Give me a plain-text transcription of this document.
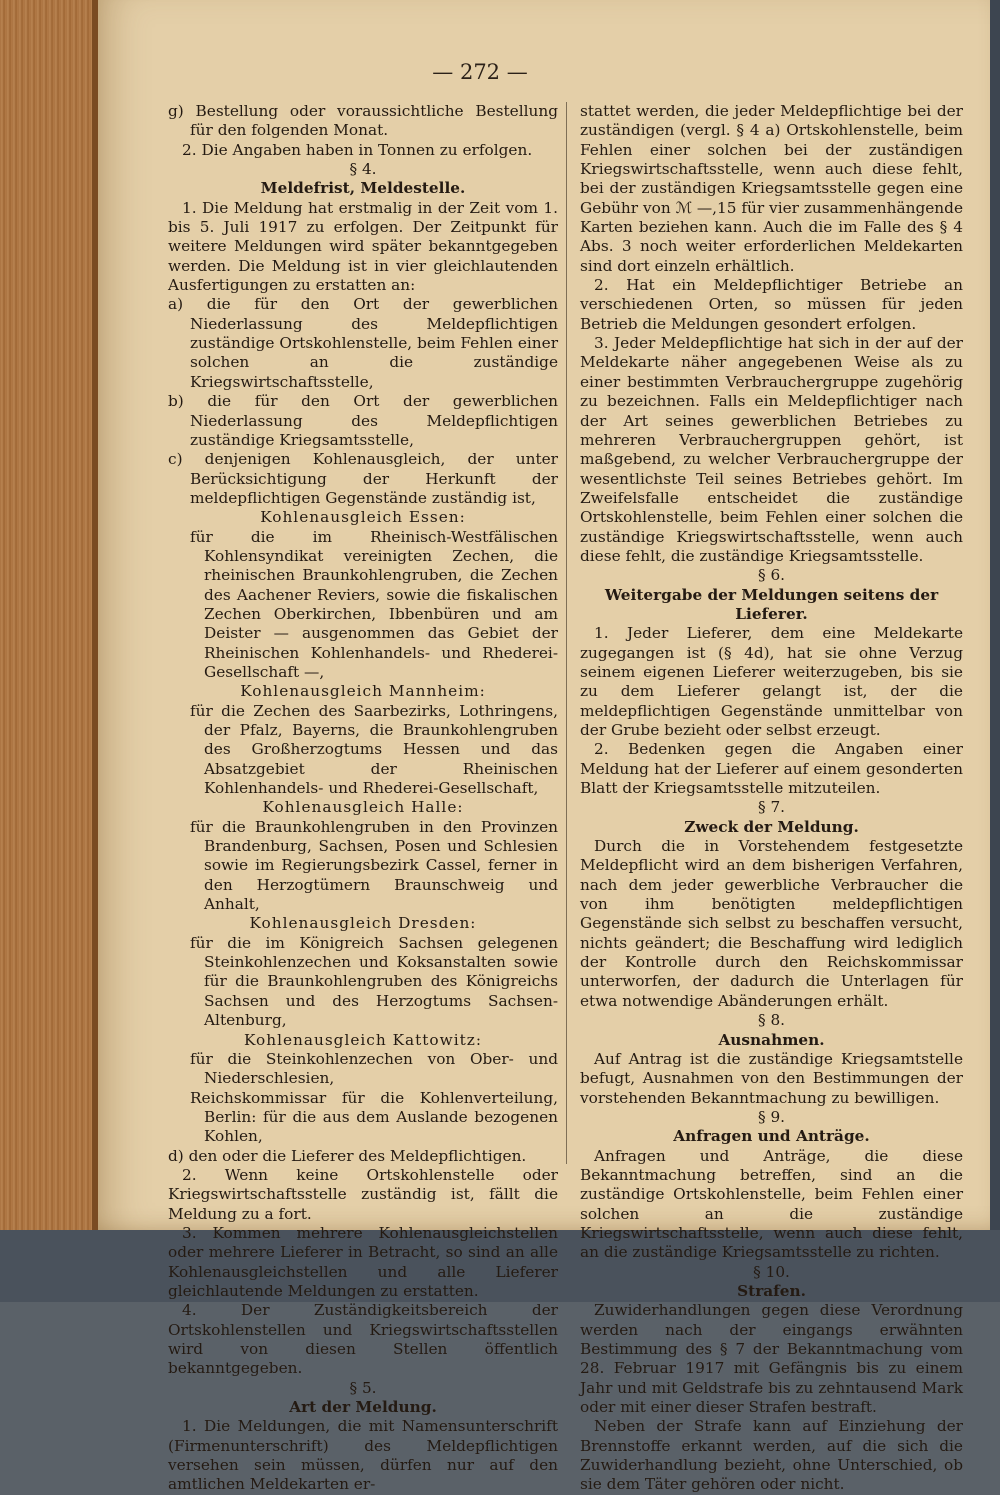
— 272 —

g) Bestellung oder voraussichtliche Bestellung für den folgenden Monat.

2. Die Angaben haben in Tonnen zu erfolgen.

§ 4.

Meldefrist, Meldestelle.

1. Die Meldung hat erstmalig in der Zeit vom 1. bis 5. Juli 1917 zu erfolgen. Der Zeitpunkt für weitere Meldungen wird später bekanntgegeben werden. Die Meldung ist in vier gleichlautenden Ausfertigungen zu erstatten an:

a) die für den Ort der gewerblichen Niederlassung des Meldepflichtigen zuständige Ortskohlenstelle, beim Fehlen einer solchen an die zuständige Kriegswirtschaftsstelle,

b) die für den Ort der gewerblichen Niederlassung des Meldepflichtigen zuständige Kriegsamtsstelle,

c) denjenigen Kohlenausgleich, der unter Berücksichtigung der Herkunft der meldepflichtigen Gegenstände zuständig ist,

Kohlenausgleich Essen:

für die im Rheinisch-Westfälischen Kohlensyndikat vereinigten Zechen, die rheinischen Braunkohlengruben, die Zechen des Aachener Reviers, sowie die fiskalischen Zechen Oberkirchen, Ibbenbüren und am Deister — ausgenommen das Gebiet der Rheinischen Kohlenhandels- und Rhederei-Gesellschaft —,

Kohlenausgleich Mannheim:

für die Zechen des Saarbezirks, Lothringens, der Pfalz, Bayerns, die Braunkohlengruben des Großherzogtums Hessen und das Absatzgebiet der Rheinischen Kohlenhandels- und Rhederei-Gesellschaft,

Kohlenausgleich Halle:

für die Braunkohlengruben in den Provinzen Brandenburg, Sachsen, Posen und Schlesien sowie im Regierungsbezirk Cassel, ferner in den Herzogtümern Braunschweig und Anhalt,

Kohlenausgleich Dresden:

für die im Königreich Sachsen gelegenen Steinkohlenzechen und Koksanstalten sowie für die Braunkohlengruben des Königreichs Sachsen und des Herzogtums Sachsen-Altenburg,

Kohlenausgleich Kattowitz:

für die Steinkohlenzechen von Ober- und Niederschlesien,

Reichskommissar für die Kohlenverteilung, Berlin: für die aus dem Auslande bezogenen Kohlen,

d) den oder die Lieferer des Meldepflichtigen.

2. Wenn keine Ortskohlenstelle oder Kriegswirtschaftsstelle zuständig ist, fällt die Meldung zu a fort.

3. Kommen mehrere Kohlenausgleichstellen oder mehrere Lieferer in Betracht, so sind an alle Kohlenausgleichstellen und alle Lieferer gleichlautende Meldungen zu erstatten.

4. Der Zuständigkeitsbereich der Ortskohlenstellen und Kriegswirtschaftsstellen wird von diesen Stellen öffentlich bekanntgegeben.

§ 5.

Art der Meldung.

1. Die Meldungen, die mit Namensunterschrift (Firmenunterschrift) des Meldepflichtigen versehen sein müssen, dürfen nur auf den amtlichen Meldekarten er-

stattet werden, die jeder Meldepflichtige bei der zuständigen (vergl. § 4 a) Ortskohlenstelle, beim Fehlen einer solchen bei der zuständigen Kriegswirtschaftsstelle, wenn auch diese fehlt, bei der zuständigen Kriegsamtsstelle gegen eine Gebühr von ℳ —,15 für vier zusammenhängende Karten beziehen kann. Auch die im Falle des § 4 Abs. 3 noch weiter erforderlichen Meldekarten sind dort einzeln erhältlich.

2. Hat ein Meldepflichtiger Betriebe an verschiedenen Orten, so müssen für jeden Betrieb die Meldungen gesondert erfolgen.

3. Jeder Meldepflichtige hat sich in der auf der Meldekarte näher angegebenen Weise als zu einer bestimmten Verbrauchergruppe zugehörig zu bezeichnen. Falls ein Meldepflichtiger nach der Art seines gewerblichen Betriebes zu mehreren Verbrauchergruppen gehört, ist maßgebend, zu welcher Verbrauchergruppe der wesentlichste Teil seines Betriebes gehört. Im Zweifelsfalle entscheidet die zuständige Ortskohlenstelle, beim Fehlen einer solchen die zuständige Kriegswirtschaftsstelle, wenn auch diese fehlt, die zuständige Kriegsamtsstelle.

§ 6.

Weitergabe der Meldungen seitens der Lieferer.

1. Jeder Lieferer, dem eine Meldekarte zugegangen ist (§ 4d), hat sie ohne Verzug seinem eigenen Lieferer weiterzugeben, bis sie zu dem Lieferer gelangt ist, der die meldepflichtigen Gegenstände unmittelbar von der Grube bezieht oder selbst erzeugt.

2. Bedenken gegen die Angaben einer Meldung hat der Lieferer auf einem gesonderten Blatt der Kriegsamtsstelle mitzuteilen.

§ 7.

Zweck der Meldung.

Durch die in Vorstehendem festgesetzte Meldepflicht wird an dem bisherigen Verfahren, nach dem jeder gewerbliche Verbraucher die von ihm benötigten meldepflichtigen Gegenstände sich selbst zu beschaffen versucht, nichts geändert; die Beschaffung wird lediglich der Kontrolle durch den Reichskommissar unterworfen, der dadurch die Unterlagen für etwa notwendige Abänderungen erhält.

§ 8.

Ausnahmen.

Auf Antrag ist die zuständige Kriegsamtstelle befugt, Ausnahmen von den Bestimmungen der vorstehenden Bekanntmachung zu bewilligen.

§ 9.

Anfragen und Anträge.

Anfragen und Anträge, die diese Bekanntmachung betreffen, sind an die zuständige Ortskohlenstelle, beim Fehlen einer solchen an die zuständige Kriegswirtschaftsstelle, wenn auch diese fehlt, an die zuständige Kriegsamtsstelle zu richten.

§ 10.

Strafen.

Zuwiderhandlungen gegen diese Verordnung werden nach der eingangs erwähnten Bestimmung des § 7 der Bekanntmachung vom 28. Februar 1917 mit Gefängnis bis zu einem Jahr und mit Geldstrafe bis zu zehntausend Mark oder mit einer dieser Strafen bestraft.

Neben der Strafe kann auf Einziehung der Brennstoffe erkannt werden, auf die sich die Zuwiderhandlung bezieht, ohne Unterschied, ob sie dem Täter gehören oder nicht.
